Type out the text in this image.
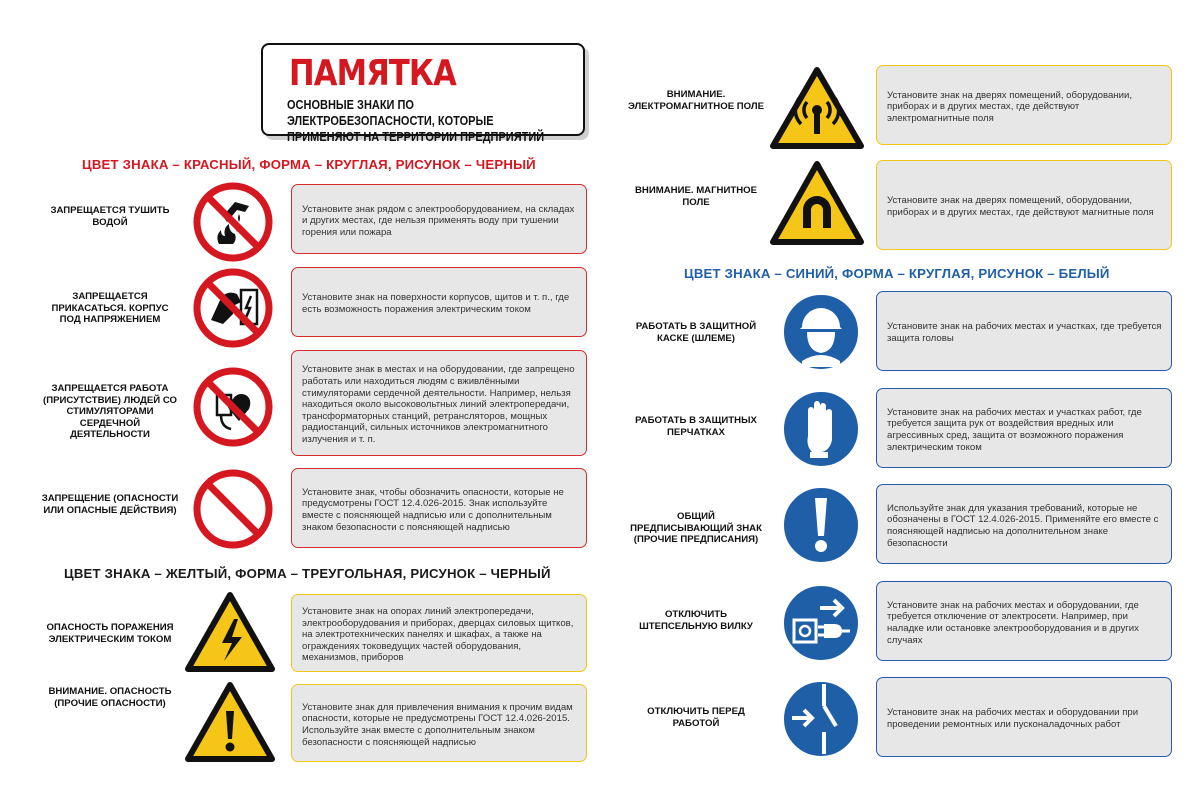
ПАМЯТКА
ОСНОВНЫЕ ЗНАКИ ПО ЭЛЕКТРОБЕЗОПАСНОСТИ, КОТОРЫЕ ПРИМЕНЯЮТ НА ТЕРРИТОРИИ ПРЕДПРИЯТИЙ
ЦВЕТ ЗНАКА – КРАСНЫЙ, ФОРМА – КРУГЛАЯ, РИСУНОК – ЧЕРНЫЙ
ЗАПРЕЩАЕТСЯ ТУШИТЬ ВОДОЙ
Установите знак рядом с электрооборудованием, на складах и других местах, где нельзя применять воду при тушении горения или пожара
ЗАПРЕЩАЕТСЯ ПРИКАСАТЬСЯ. КОРПУС ПОД НАПРЯЖЕНИЕМ
Установите знак на поверхности корпусов, щитов и т. п., где есть возможность поражения электрическим током
ЗАПРЕЩАЕТСЯ РАБОТА (ПРИСУТСТВИЕ) ЛЮДЕЙ СО СТИМУЛЯТОРАМИ СЕРДЕЧНОЙ ДЕЯТЕЛЬНОСТИ
Установите знак в местах и на оборудовании, где запрещено работать или находиться людям с вживлёнными стимуляторами сердечной деятельности. Например, нельзя находиться около высоковольтных линий электропередачи, трансформаторных станций, ретрансляторов, мощных радиостанций, сильных источников электромагнитного излучения и т. п.
ЗАПРЕЩЕНИЕ (ОПАСНОСТИ ИЛИ ОПАСНЫЕ ДЕЙСТВИЯ)
Установите знак, чтобы обозначить опасности, которые не предусмотрены ГОСТ 12.4.026-2015. Знак используйте вместе с поясняющей надписью или с дополнительным знаком безопасности с поясняющей надписью
ЦВЕТ ЗНАКА – ЖЕЛТЫЙ, ФОРМА – ТРЕУГОЛЬНАЯ, РИСУНОК – ЧЕРНЫЙ
ОПАСНОСТЬ ПОРАЖЕНИЯ ЭЛЕКТРИЧЕСКИМ ТОКОМ
Установите знак на опорах линий электропередачи, электрооборудования и приборах, дверцах силовых щитков, на электротехнических панелях и шкафах, а также на ограждениях токоведущих частей оборудования, механизмов, приборов
ВНИМАНИЕ. ОПАСНОСТЬ (ПРОЧИЕ ОПАСНОСТИ)	Установите знак для привлечения внимания к прочим видам опасности, которые не предусмотрены ГОСТ 12.4.026-2015. Используйте знак вместе с дополнительным знаком безопасности с поясняющей надписью
ВНИМАНИЕ. ЭЛЕКТРОМАГНИТНОЕ ПОЛЕ
Установите знак на дверях помещений, оборудовании, приборах и в других местах, где действуют электромагнитные поля
ВНИМАНИЕ. МАГНИТНОЕ ПОЛЕ	Установите знак на дверях помещений, оборудовании, приборах и в других местах, где действуют магнитные поля
ЦВЕТ ЗНАКА – СИНИЙ, ФОРМА – КРУГЛАЯ, РИСУНОК – БЕЛЫЙ
РАБОТАТЬ В ЗАЩИТНОЙ КАСКЕ (ШЛЕМЕ)
Установите знак на рабочих местах и участках, где требуется защита головы
РАБОТАТЬ В ЗАЩИТНЫХ ПЕРЧАТКАХ
Установите знак на рабочих местах и участках работ, где требуется защита рук от воздействия вредных или агрессивных сред, защита от возможного поражения электрическим током
ОБЩИЙ ПРЕДПИСЫВАЮЩИЙ ЗНАК (ПРОЧИЕ ПРЕДПИСАНИЯ)
Используйте знак для указания требований, которые не обозначены в ГОСТ 12.4.026-2015. Применяйте его вместе с поясняющей надписью на дополнительном знаке безопасности
ОТКЛЮЧИТЬ ШТЕПСЕЛЬНУЮ ВИЛКУ
Установите знак на рабочих местах и оборудовании, где требуется отключение от электросети. Например, при наладке или остановке электрооборудования и в других случаях
ОТКЛЮЧИТЬ ПЕРЕД РАБОТОЙ
Установите знак на рабочих местах и оборудовании при проведении ремонтных или пусконаладочных работ
